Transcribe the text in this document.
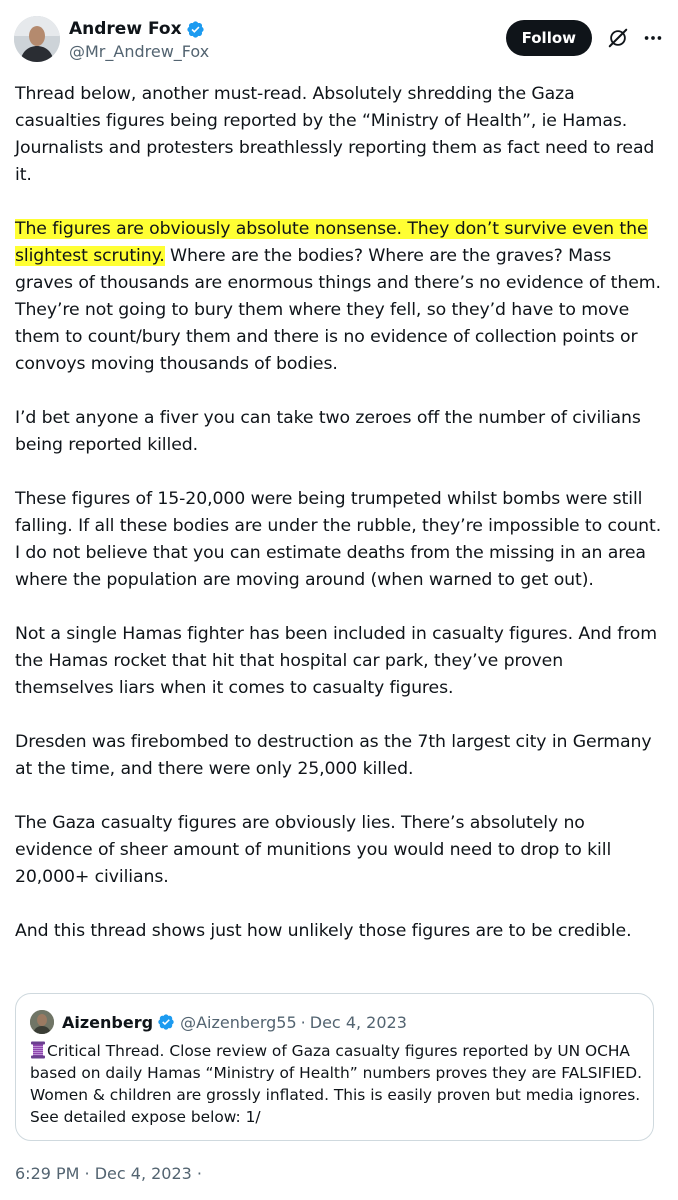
Andrew Fox
@Mr_Andrew_Fox
Follow

Thread below, another must-read. Absolutely shredding the Gaza casualties figures being reported by the “Ministry of Health”, ie Hamas. Journalists and protesters breathlessly reporting them as fact need to read it.

The figures are obviously absolute nonsense. They don’t survive even the slightest scrutiny. Where are the bodies? Where are the graves? Mass graves of thousands are enormous things and there’s no evidence of them. They’re not going to bury them where they fell, so they’d have to move them to count/bury them and there is no evidence of collection points or convoys moving thousands of bodies.

I’d bet anyone a fiver you can take two zeroes off the number of civilians being reported killed.

These figures of 15-20,000 were being trumpeted whilst bombs were still falling. If all these bodies are under the rubble, they’re impossible to count. I do not believe that you can estimate deaths from the missing in an area where the population are moving around (when warned to get out).

Not a single Hamas fighter has been included in casualty figures. And from the Hamas rocket that hit that hospital car park, they’ve proven themselves liars when it comes to casualty figures.

Dresden was firebombed to destruction as the 7th largest city in Germany at the time, and there were only 25,000 killed.

The Gaza casualty figures are obviously lies. There’s absolutely no evidence of sheer amount of munitions you would need to drop to kill 20,000+ civilians.

And this thread shows just how unlikely those figures are to be credible.

Aizenberg @Aizenberg55 · Dec 4, 2023
Critical Thread. Close review of Gaza casualty figures reported by UN OCHA based on daily Hamas “Ministry of Health” numbers proves they are FALSIFIED. Women & children are grossly inflated. This is easily proven but media ignores. See detailed expose below: 1/
6:29 PM · Dec 4, 2023 ·
